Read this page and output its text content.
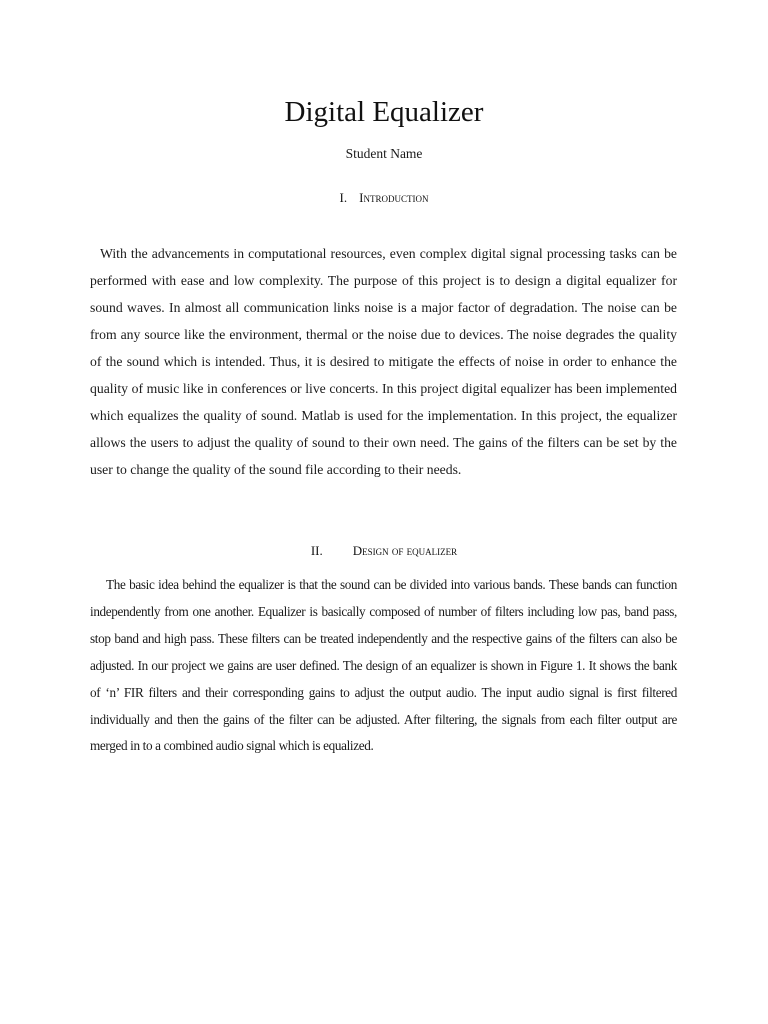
Digital Equalizer
Student Name
I. Introduction

With the advancements in computational resources, even complex digital signal processing tasks can be performed with ease and low complexity. The purpose of this project is to design a digital equalizer for sound waves. In almost all communication links noise is a major factor of degradation. The noise can be from any source like the environment, thermal or the noise due to devices. The noise degrades the quality of the sound which is intended. Thus, it is desired to mitigate the effects of noise in order to enhance the quality of music like in conferences or live concerts. In this project digital equalizer has been implemented which equalizes the quality of sound. Matlab is used for the implementation. In this project, the equalizer allows the users to adjust the quality of sound to their own need. The gains of the filters can be set by the user to change the quality of the sound file according to their needs.

II. Design of equalizer

The basic idea behind the equalizer is that the sound can be divided into various bands. These bands can function independently from one another. Equalizer is basically composed of number of filters including low pas, band pass, stop band and high pass. These filters can be treated independently and the respective gains of the filters can also be adjusted. In our project we gains are user defined. The design of an equalizer is shown in Figure 1. It shows the bank of ‘n’ FIR filters and their corresponding gains to adjust the output audio. The input audio signal is first filtered individually and then the gains of the filter can be adjusted. After filtering, the signals from each filter output are merged in to a combined audio signal which is equalized.
